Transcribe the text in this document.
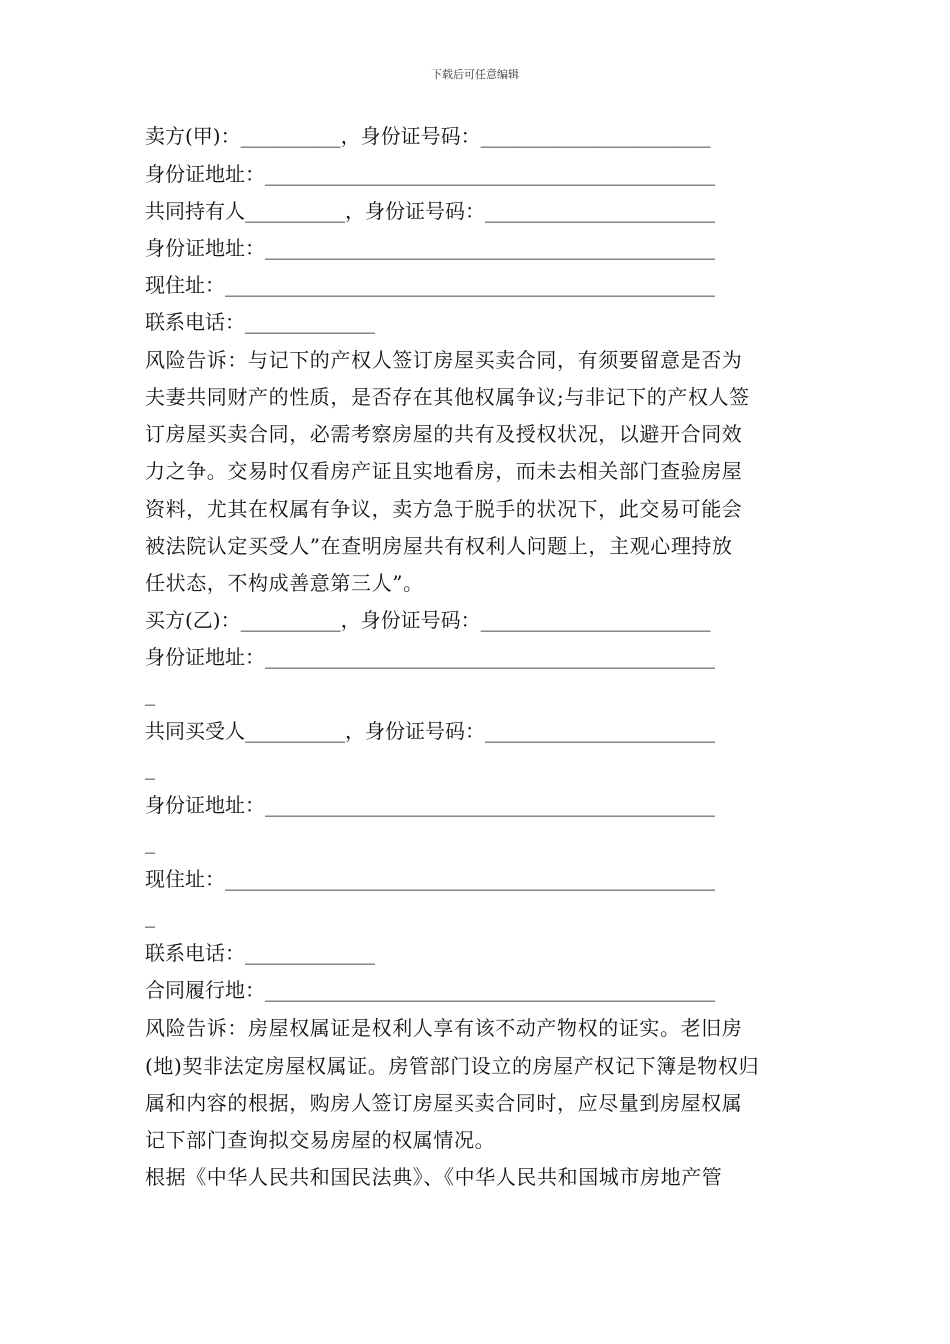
下载后可任意编辑
卖方(甲)：__________，身份证号码：_______________________
身份证地址：_____________________________________________
共同持有人__________，身份证号码：_______________________
身份证地址：_____________________________________________
现住址：_________________________________________________
联系电话：_____________
风险告诉：与记下的产权人签订房屋买卖合同，有须要留意是否为
夫妻共同财产的性质，是否存在其他权属争议;与非记下的产权人签
订房屋买卖合同，必需考察房屋的共有及授权状况，以避开合同效
力之争。交易时仅看房产证且实地看房，而未去相关部门查验房屋
资料，尤其在权属有争议，卖方急于脱手的状况下，此交易可能会
被法院认定买受人”在查明房屋共有权利人问题上，主观心理持放
任状态，不构成善意第三人”。
买方(乙)：__________，身份证号码：_______________________
身份证地址：_____________________________________________
_
共同买受人__________，身份证号码：_______________________
_
身份证地址：_____________________________________________
_
现住址：_________________________________________________
_
联系电话：_____________
合同履行地：_____________________________________________
风险告诉：房屋权属证是权利人享有该不动产物权的证实。老旧房
(地)契非法定房屋权属证。房管部门设立的房屋产权记下簿是物权归
属和内容的根据，购房人签订房屋买卖合同时，应尽量到房屋权属
记下部门查询拟交易房屋的权属情况。
根据《中华人民共和国民法典》、《中华人民共和国城市房地产管
